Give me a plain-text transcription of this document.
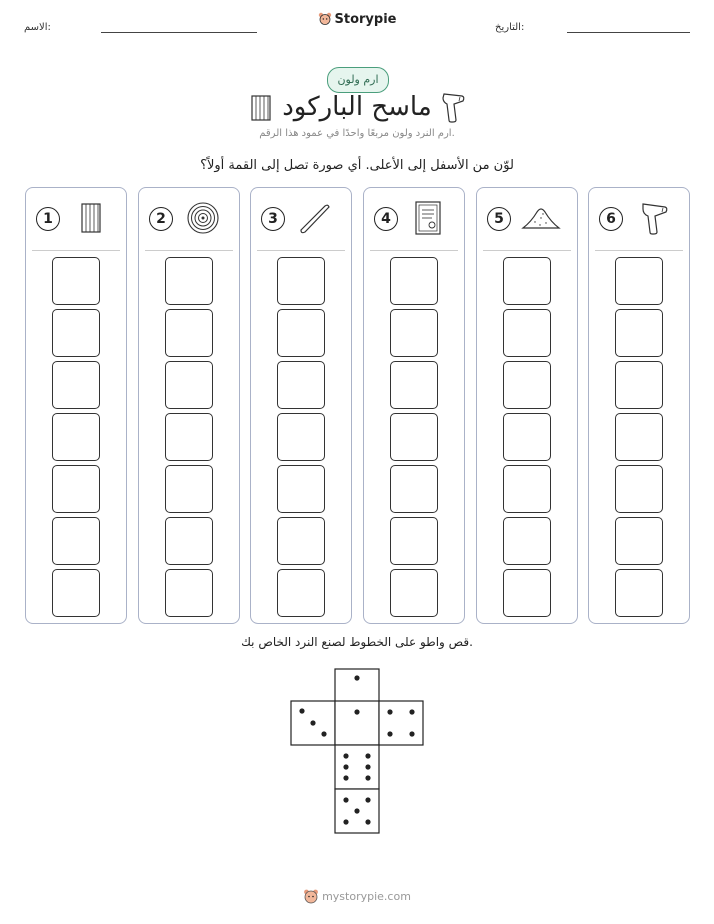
الاسم:
Storypie
التاريخ:
ارم ولون
ماسح الباركود
ارم النرد ولون مربعًا واحدًا في عمود هذا الرقم.
لوّن من الأسفل إلى الأعلى. أي صورة تصل إلى القمة أولاً؟
1	2	3	4	5	6
قص واطو على الخطوط لصنع النرد الخاص بك.
mystorypie.com
